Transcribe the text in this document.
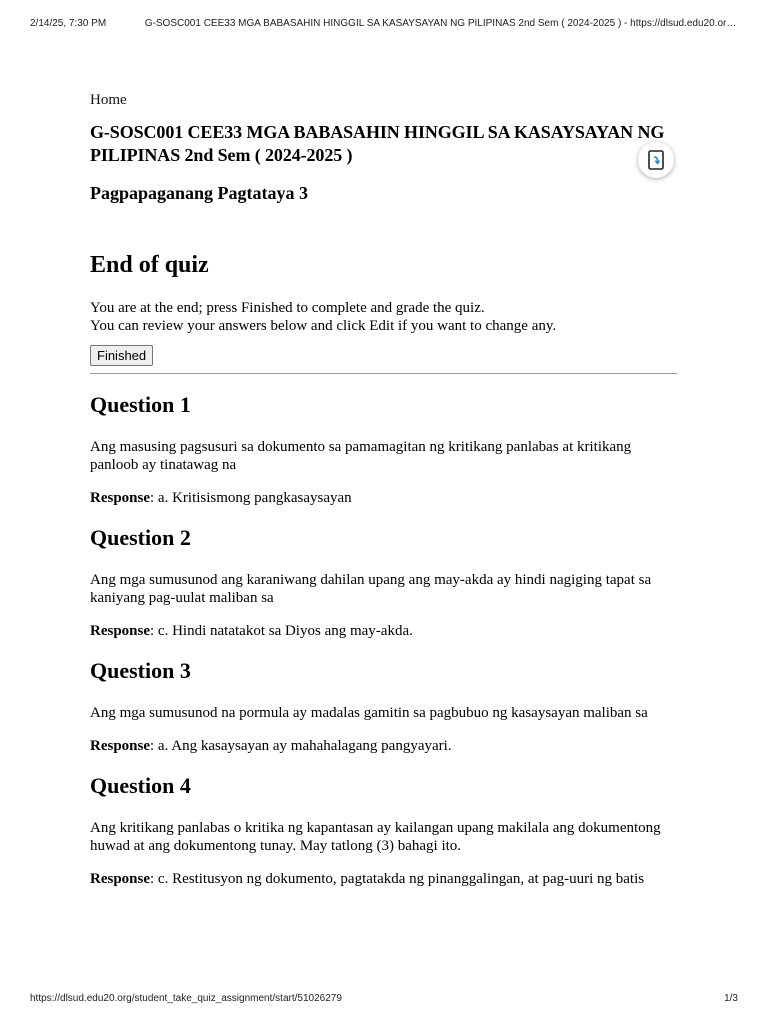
2/14/25, 7:30 PM	G-SOSC001 CEE33 MGA BABASAHIN HINGGIL SA KASAYSAYAN NG PILIPINAS 2nd Sem ( 2024-2025 ) - https://dlsud.edu20.or…
Home
G-SOSC001 CEE33 MGA BABASAHIN HINGGIL SA KASAYSAYAN NG PILIPINAS 2nd Sem ( 2024-2025 )
Pagpapaganang Pagtataya 3
End of quiz

You are at the end; press Finished to complete and grade the quiz.
You can review your answers below and click Edit if you want to change any.

Finished
Question 1

Ang masusing pagsusuri sa dokumento sa pamamagitan ng kritikang panlabas at kritikang panloob ay tinatawag na

Response: a. Kritisismong pangkasaysayan

Question 2

Ang mga sumusunod ang karaniwang dahilan upang ang may-akda ay hindi nagiging tapat sa kaniyang pag-uulat maliban sa

Response: c. Hindi natatakot sa Diyos ang may-akda.

Question 3

Ang mga sumusunod na pormula ay madalas gamitin sa pagbubuo ng kasaysayan maliban sa

Response: a. Ang kasaysayan ay mahahalagang pangyayari.

Question 4

Ang kritikang panlabas o kritika ng kapantasan ay kailangan upang makilala ang dokumentong huwad at ang dokumentong tunay. May tatlong (3) bahagi ito.

Response: c. Restitusyon ng dokumento, pagtatakda ng pinanggalingan, at pag-uuri ng batis

https://dlsud.edu20.org/student_take_quiz_assignment/start/51026279	1/3
